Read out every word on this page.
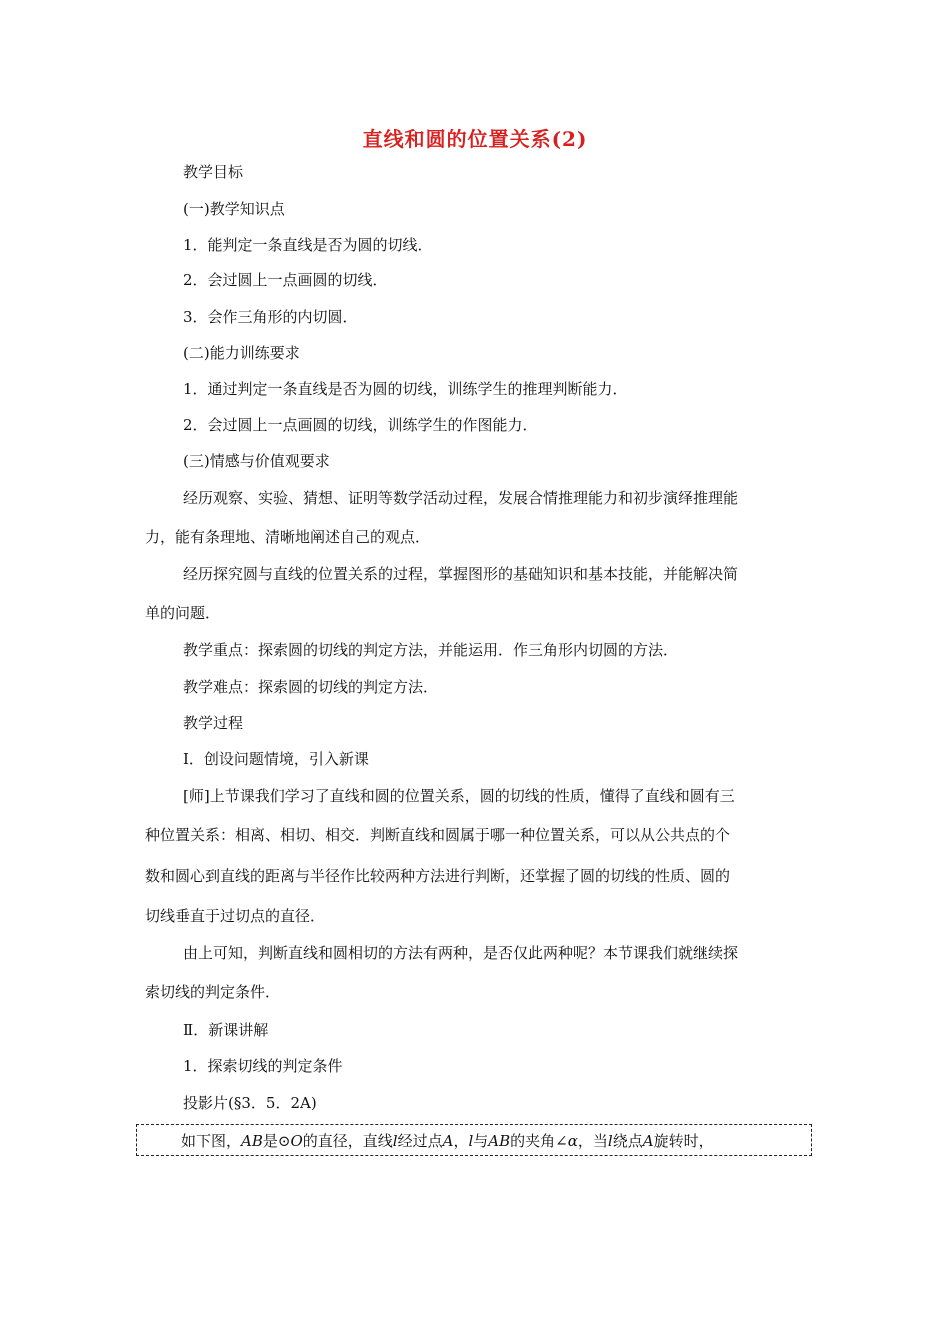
直线和圆的位置关系(2)
教学目标
(一)教学知识点
1．能判定一条直线是否为圆的切线．
2．会过圆上一点画圆的切线．
3．会作三角形的内切圆．
(二)能力训练要求
1．通过判定一条直线是否为圆的切线，训练学生的推理判断能力．
2．会过圆上一点画圆的切线，训练学生的作图能力．
(三)情感与价值观要求
经历观察、实验、猜想、证明等数学活动过程，发展合情推理能力和初步演绎推理能
力，能有条理地、清晰地阐述自己的观点．
经历探究圆与直线的位置关系的过程，掌握图形的基础知识和基本技能，并能解决简
单的问题．
教学重点：探索圆的切线的判定方法，并能运用．作三角形内切圆的方法．
教学难点：探索圆的切线的判定方法．
教学过程
Ⅰ．创设问题情境，引入新课
[师]上节课我们学习了直线和圆的位置关系，圆的切线的性质，懂得了直线和圆有三
种位置关系：相离、相切、相交．判断直线和圆属于哪一种位置关系，可以从公共点的个
数和圆心到直线的距离与半径作比较两种方法进行判断，还掌握了圆的切线的性质、圆的
切线垂直于过切点的直径．
由上可知，判断直线和圆相切的方法有两种，是否仅此两种呢？本节课我们就继续探
索切线的判定条件．
Ⅱ．新课讲解
1．探索切线的判定条件
投影片(§3．5．2A)
如下图，AB是⊙O的直径，直线l经过点A，l与AB的夹角∠α，当l绕点A旋转时，
